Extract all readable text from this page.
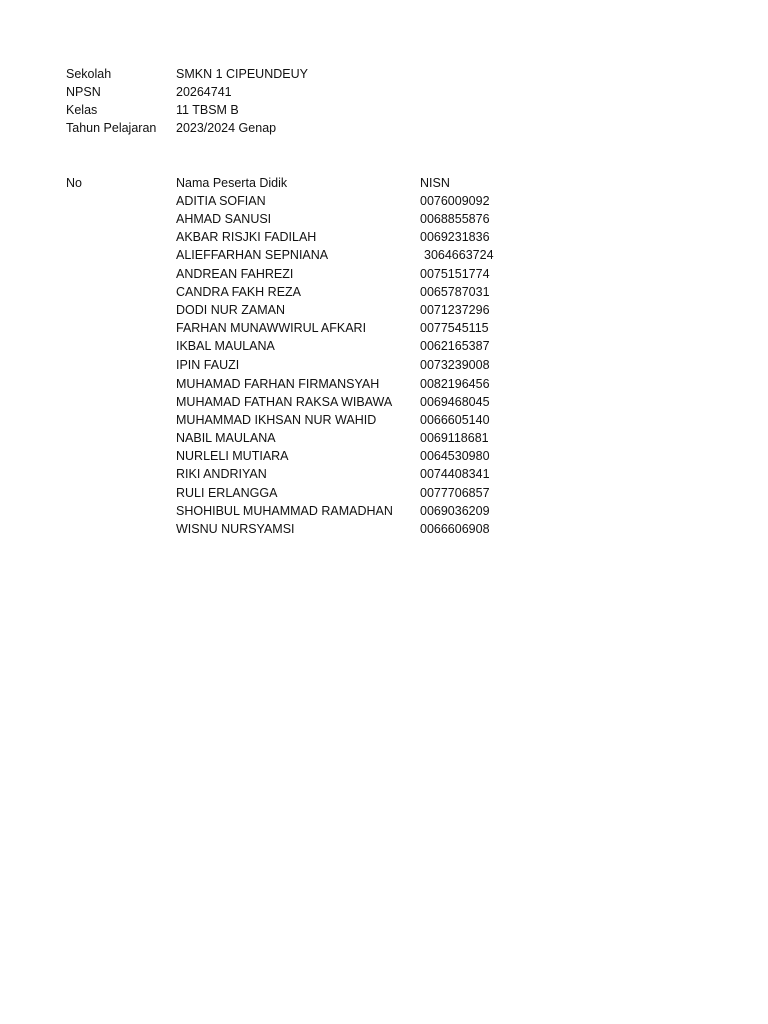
Sekolah	SMKN 1 CIPEUNDEUY
NPSN	20264741
Kelas	11 TBSM B
Tahun Pelajaran 2023/2024 Genap
No	Nama Peserta Didik	NISN
ADITIA SOFIAN	0076009092
AHMAD SANUSI	0068855876
AKBAR RISJKI FADILAH	0069231836
ALIEFFARHAN SEPNIANA	3064663724
ANDREAN FAHREZI	0075151774
CANDRA FAKH REZA	0065787031
DODI NUR ZAMAN	0071237296
FARHAN MUNAWWIRUL AFKARI	0077545115
IKBAL MAULANA	0062165387
IPIN FAUZI	0073239008
MUHAMAD FARHAN FIRMANSYAH	0082196456
MUHAMAD FATHAN RAKSA WIBAWA 0069468045
MUHAMMAD IKHSAN NUR WAHID	0066605140
NABIL MAULANA	0069118681
NURLELI MUTIARA	0064530980
RIKI ANDRIYAN	0074408341
RULI ERLANGGA	0077706857
SHOHIBUL MUHAMMAD RAMADHAN 0069036209
WISNU NURSYAMSI	0066606908
